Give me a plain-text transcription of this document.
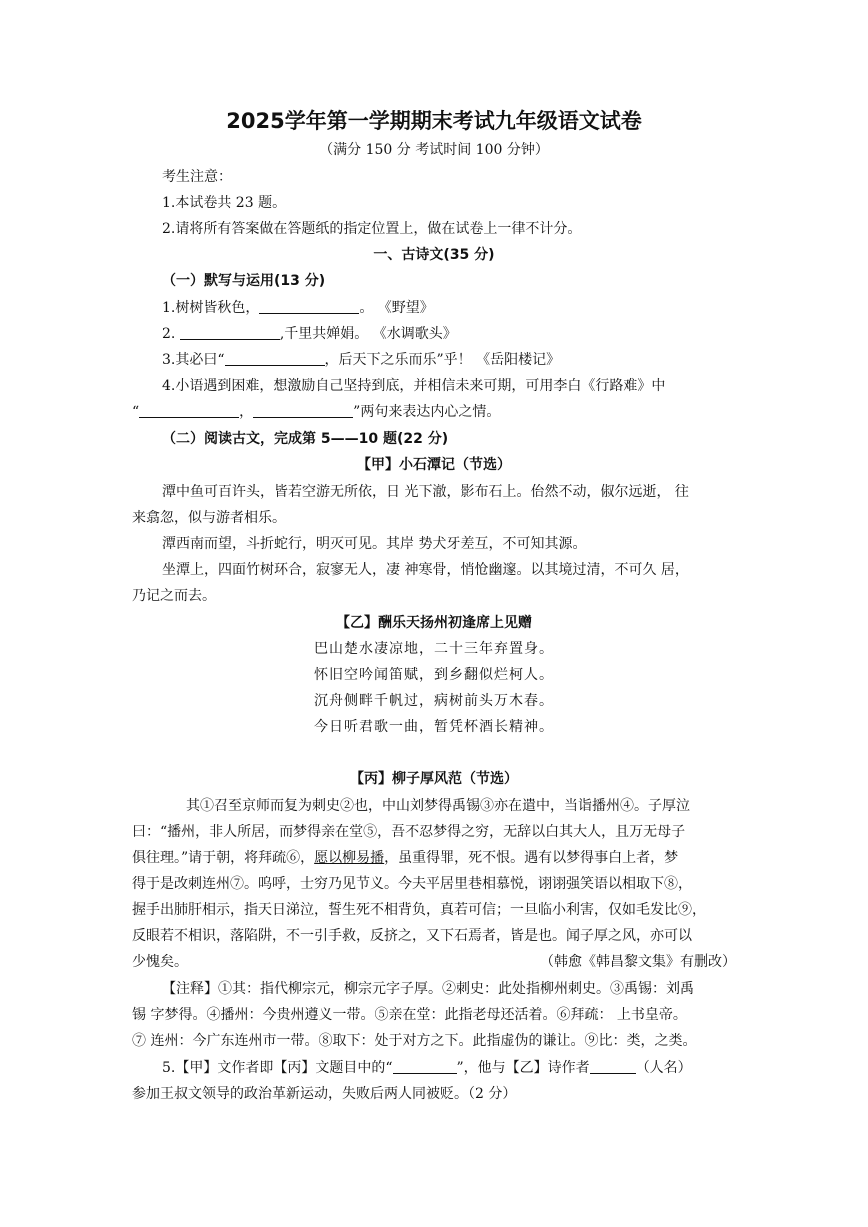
2025学年第一学期期末考试九年级语文试卷
（满分 150 分 考试时间 100 分钟）
考生注意：
1.本试卷共 23 题。
2.请将所有答案做在答题纸的指定位置上，做在试卷上一律不计分。
一、古诗文(35 分)
（一）默写与运用(13 分)
1.树树皆秋色，	。 《野望》
2.	,千里共婵娟。 《水调歌头》
3.其必曰“	，后天下之乐而乐”乎！ 《岳阳楼记》
4.小语遇到困难，想激励自己坚持到底，并相信未来可期，可用李白《行路难》中
“	，	”两句来表达内心之情。
（二）阅读古文，完成第 5——10 题(22 分)
【甲】小石潭记（节选）
潭中鱼可百许头，皆若空游无所依，日 光下澈，影布石上。佁然不动，俶尔远逝， 往
来翕忽，似与游者相乐。
潭西南而望，斗折蛇行，明灭可见。其岸 势犬牙差互，不可知其源。
坐潭上，四面竹树环合，寂寥无人，凄 神寒骨，悄怆幽邃。以其境过清，不可久 居，
乃记之而去。
【乙】酬乐天扬州初逢席上见赠
巴山楚水凄凉地，二十三年弃置身。
怀旧空吟闻笛赋，到乡翻似烂柯人。
沉舟侧畔千帆过，病树前头万木春。
今日听君歌一曲，暂凭杯酒长精神。
【丙】柳子厚风范（节选）
其①召至京师而复为刺史②也，中山刘梦得禹锡③亦在遣中，当诣播州④。子厚泣
曰：“播州，非人所居，而梦得亲在堂⑤，吾不忍梦得之穷，无辞以白其大人，且万无母子
俱往理。”请于朝，将拜疏⑥，愿以柳易播，虽重得罪，死不恨。遇有以梦得事白上者，梦
得于是改刺连州⑦。呜呼，士穷乃见节义。今夫平居里巷相慕悦，诩诩强笑语以相取下⑧，
握手出肺肝相示，指天日涕泣，誓生死不相背负，真若可信；一旦临小利害，仅如毛发比⑨，
反眼若不相识，落陷阱，不一引手救，反挤之，又下石焉者，皆是也。闻子厚之风，亦可以
少愧矣。	（韩愈《韩昌黎文集》有删改）
【注释】①其：指代柳宗元，柳宗元字子厚。②刺史：此处指柳州刺史。③禹锡：刘禹
锡 字梦得。④播州：今贵州遵义一带。⑤亲在堂：此指老母还活着。⑥拜疏： 上书皇帝。
⑦ 连州：今广东连州市一带。⑧取下：处于对方之下。此指虚伪的谦让。⑨比：类，之类。
5.【甲】文作者即【丙】文题目中的“	”，他与【乙】诗作者	（人名）
参加王叔文领导的政治革新运动，失败后两人同被贬。（2 分）
